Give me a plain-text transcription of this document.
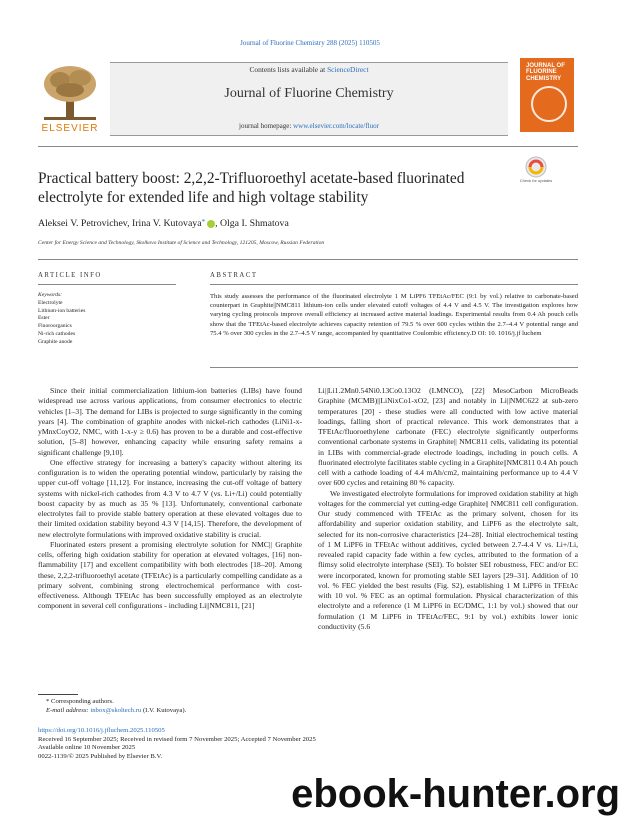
Journal of Fluorine Chemistry 288 (2025) 110505
Contents lists available at ScienceDirect
Journal of Fluorine Chemistry
journal homepage: www.elsevier.com/locate/fluor
ELSEVIER
JOURNAL OF FLUORINE CHEMISTRY
Practical battery boost: 2,2,2-Trifluoroethyl acetate-based fluorinated electrolyte for extended life and high voltage stability
Check for updates
Aleksei V. Petrovichev, Irina V. Kutovaya* , Olga I. Shmatova
Center for Energy Science and Technology, Skolkovo Institute of Science and Technology, 121205, Moscow, Russian Federation
ARTICLE INFO	ABSTRACT
Keywords:
Electrolyte
Lithium-ion batteries
Ester
Fluoroorganics
Ni-rich cathodes
Graphite anode
This study assesses the performance of the fluorinated electrolyte 1 M LiPF6 TFEtAc/FEC (9:1 by vol.) relative to carbonate-based counterpart in Graphite||NMC811 lithium-ion cells under elevated cutoff voltages of 4.4 V and 4.5 V. The investigation explores how varying cycling protocols improve overall efficiency at increased active material loadings. Experimental results from 0.4 Ah pouch cells show that the TFEtAc-based electrolyte achieves capacity retention of 79.5 % over 600 cycles within the 2.7–4.4 V potential range and 75.4 % over 300 cycles in the 2.7–4.5 V range, accompanied by quantitative Coulombic efficiency.D OI: 10. 1016/j.jf luchem

Since their initial commercialization lithium-ion batteries (LIBs) have found widespread use across various applications, from consumer electronics to electric vehicles [1–3]. The demand for LIBs is projected to surge significantly in the coming years [4]. The combination of graphite anodes with nickel-rich cathodes (LiNi1-x-yMnxCoyO2, NMC, with 1-x-y ≥ 0.6) has proven to be a durable and cost-effective solution, [5–8] however, enhancing capacity while ensuring safety remains a significant challenge [9,10].

One effective strategy for increasing a battery's capacity without altering its configuration is to widen the operating potential window, particularly by raising the upper cut-off voltage [11,12]. For instance, increasing the cut-off voltage of battery systems with nickel-rich cathodes from 4.3 V to 4.7 V (vs. Li+/Li) could potentially boost capacity by as much as 35 % [13]. Unfortunately, conventional carbonate electrolytes fail to provide stable battery operation at these elevated voltages due to their limited oxidation stability beyond 4.3 V [14,15]. Therefore, the development of new electrolyte formulations with improved oxidative stability is crucial.

Fluorinated esters present a promising electrolyte solution for NMC|| Graphite cells, offering high oxidation stability for operation at elevated voltages, [16] non-flammability [17] and excellent compatibility with both electrodes [18–20]. Among these, 2,2,2-trifluoroethyl acetate (TFEtAc) is a particularly compelling candidate as a primary solvent, combining strong electrochemical performance with cost-effectiveness. Although TFEtAc has been successfully employed as an electrolyte component in several cell configurations - including Li||NMC811, [21]

Li||Li1.2Mn0.54Ni0.13Co0.13O2 (LMNCO), [22] MesoCarbon MicroBeads Graphite (MCMB)||LiNixCo1-xO2, [23] and notably in Li||NMC622 at sub-zero temperatures [20] - these studies were all conducted with low active material loadings, falling short of practical relevance. This work demonstrates that a TFEtAc/fluoroethylene carbonate (FEC) electrolyte significantly outperforms conventional carbonate systems in Graphite|| NMC811 cells, validating its potential in LIBs with commercial-grade electrode loadings, including in pouch cells. A fluorinated electrolyte facilitates stable cycling in a Graphite||NMC811 0.4 Ah pouch cell with a cathode loading of 4.4 mAh/cm2, maintaining performance up to 4.4 V over 600 cycles and retaining 80 % capacity.

We investigated electrolyte formulations for improved oxidation stability at high voltages for the commercial yet cutting-edge Graphite|| NMC811 cell configuration. Our study commenced with TFEtAc as the primary solvent, chosen for its affordability and superior oxidation stability, and LiPF6 as the electrolyte salt, selected for its non-corrosive characteristics [24–28]. Initial electrochemical testing of 1 M LiPF6 in TFEtAc without additives, cycled between 2.7-4.4 V vs. Li+/Li, revealed rapid capacity fade within a few cycles, attributed to the formation of a flimsy solid electrolyte interphase (SEI). To bolster SEI robustness, FEC and/or EC were incorporated, known for promoting stable SEI layers [29–31]. Addition of 10 vol. % FEC yielded the best results (Fig. S2), establishing 1 M LiPF6 in TFEtAc with 10 vol. % FEC as an optimal formulation. Physical characterization of this electrolyte and a reference (1 M LiPF6 in EC/DMC, 1:1 by vol.) showed that our formulation (1 M LiPF6 in TFEtAc/FEC, 9:1 by vol.) exhibits lower ionic conductivity (5.6

* Corresponding authors.
E-mail address: inbox@skoltech.ru (I.V. Kutovaya).
https://doi.org/10.1016/j.jfluchem.2025.110505
Received 16 September 2025; Received in revised form 7 November 2025; Accepted 7 November 2025
Available online 10 November 2025
0022-1139/© 2025 Published by Elsevier B.V.
ebook-hunter.org
